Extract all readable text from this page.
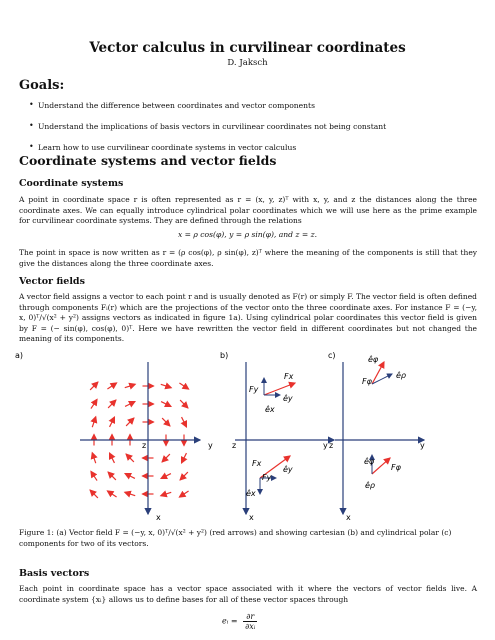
Vector calculus in curvilinear coordinates
D. Jaksch
Goals:
• Understand the difference between coordinates and vector components
• Understand the implications of basis vectors in curvilinear coordinates not being constant
• Learn how to use curvilinear coordinate systems in vector calculus
Coordinate systems and vector fields
Coordinate systems
A point in coordinate space r is often represented as r = (x, y, z)ᵀ with x, y, and z the distances along the three coordinate axes. We can equally introduce cylindrical polar coordinates which we will use here as the prime example for curvilinear coordinate systems. They are defined through the relations
x = ρ cos(φ), y = ρ sin(φ), and z = z.
The point in space is now written as r = (ρ cos(φ), ρ sin(φ), z)ᵀ where the meaning of the components is still that they give the distances along the three coordinate axes.
Vector fields
A vector field assigns a vector to each point r and is usually denoted as F(r) or simply F. The vector field is often defined through components Fᵢ(r) which are the projections of the vector onto the three coordinate axes. For instance F = (−y, x, 0)ᵀ/√(x² + y²) assigns vectors as indicated in figure 1a). Using cylindrical polar coordinates this vector field is given by F = (− sin(φ), cos(φ), 0)ᵀ. Here we have rewritten the vector field in different coordinates but not changed the meaning of its components.
a)	b)	c)
z	y
x
z	y
x
z	y
x
Fx
Fy
êy
êx
Fx
Fy
êy
êx
êφ
Fφ
êρ
êφ
Fφ
êρ
Figure 1: (a) Vector field F = (−y, x, 0)ᵀ/√(x² + y²) (red arrows) and showing cartesian (b) and cylindrical polar (c) components for two of its vectors.
Basis vectors
Each point in coordinate space has a vector space associated with it where the vectors of vector fields live. A coordinate system {xᵢ} allows us to define bases for all of these vector spaces through
eᵢ = $\frac{\partial r}{\text{∂xᵢ}}$
